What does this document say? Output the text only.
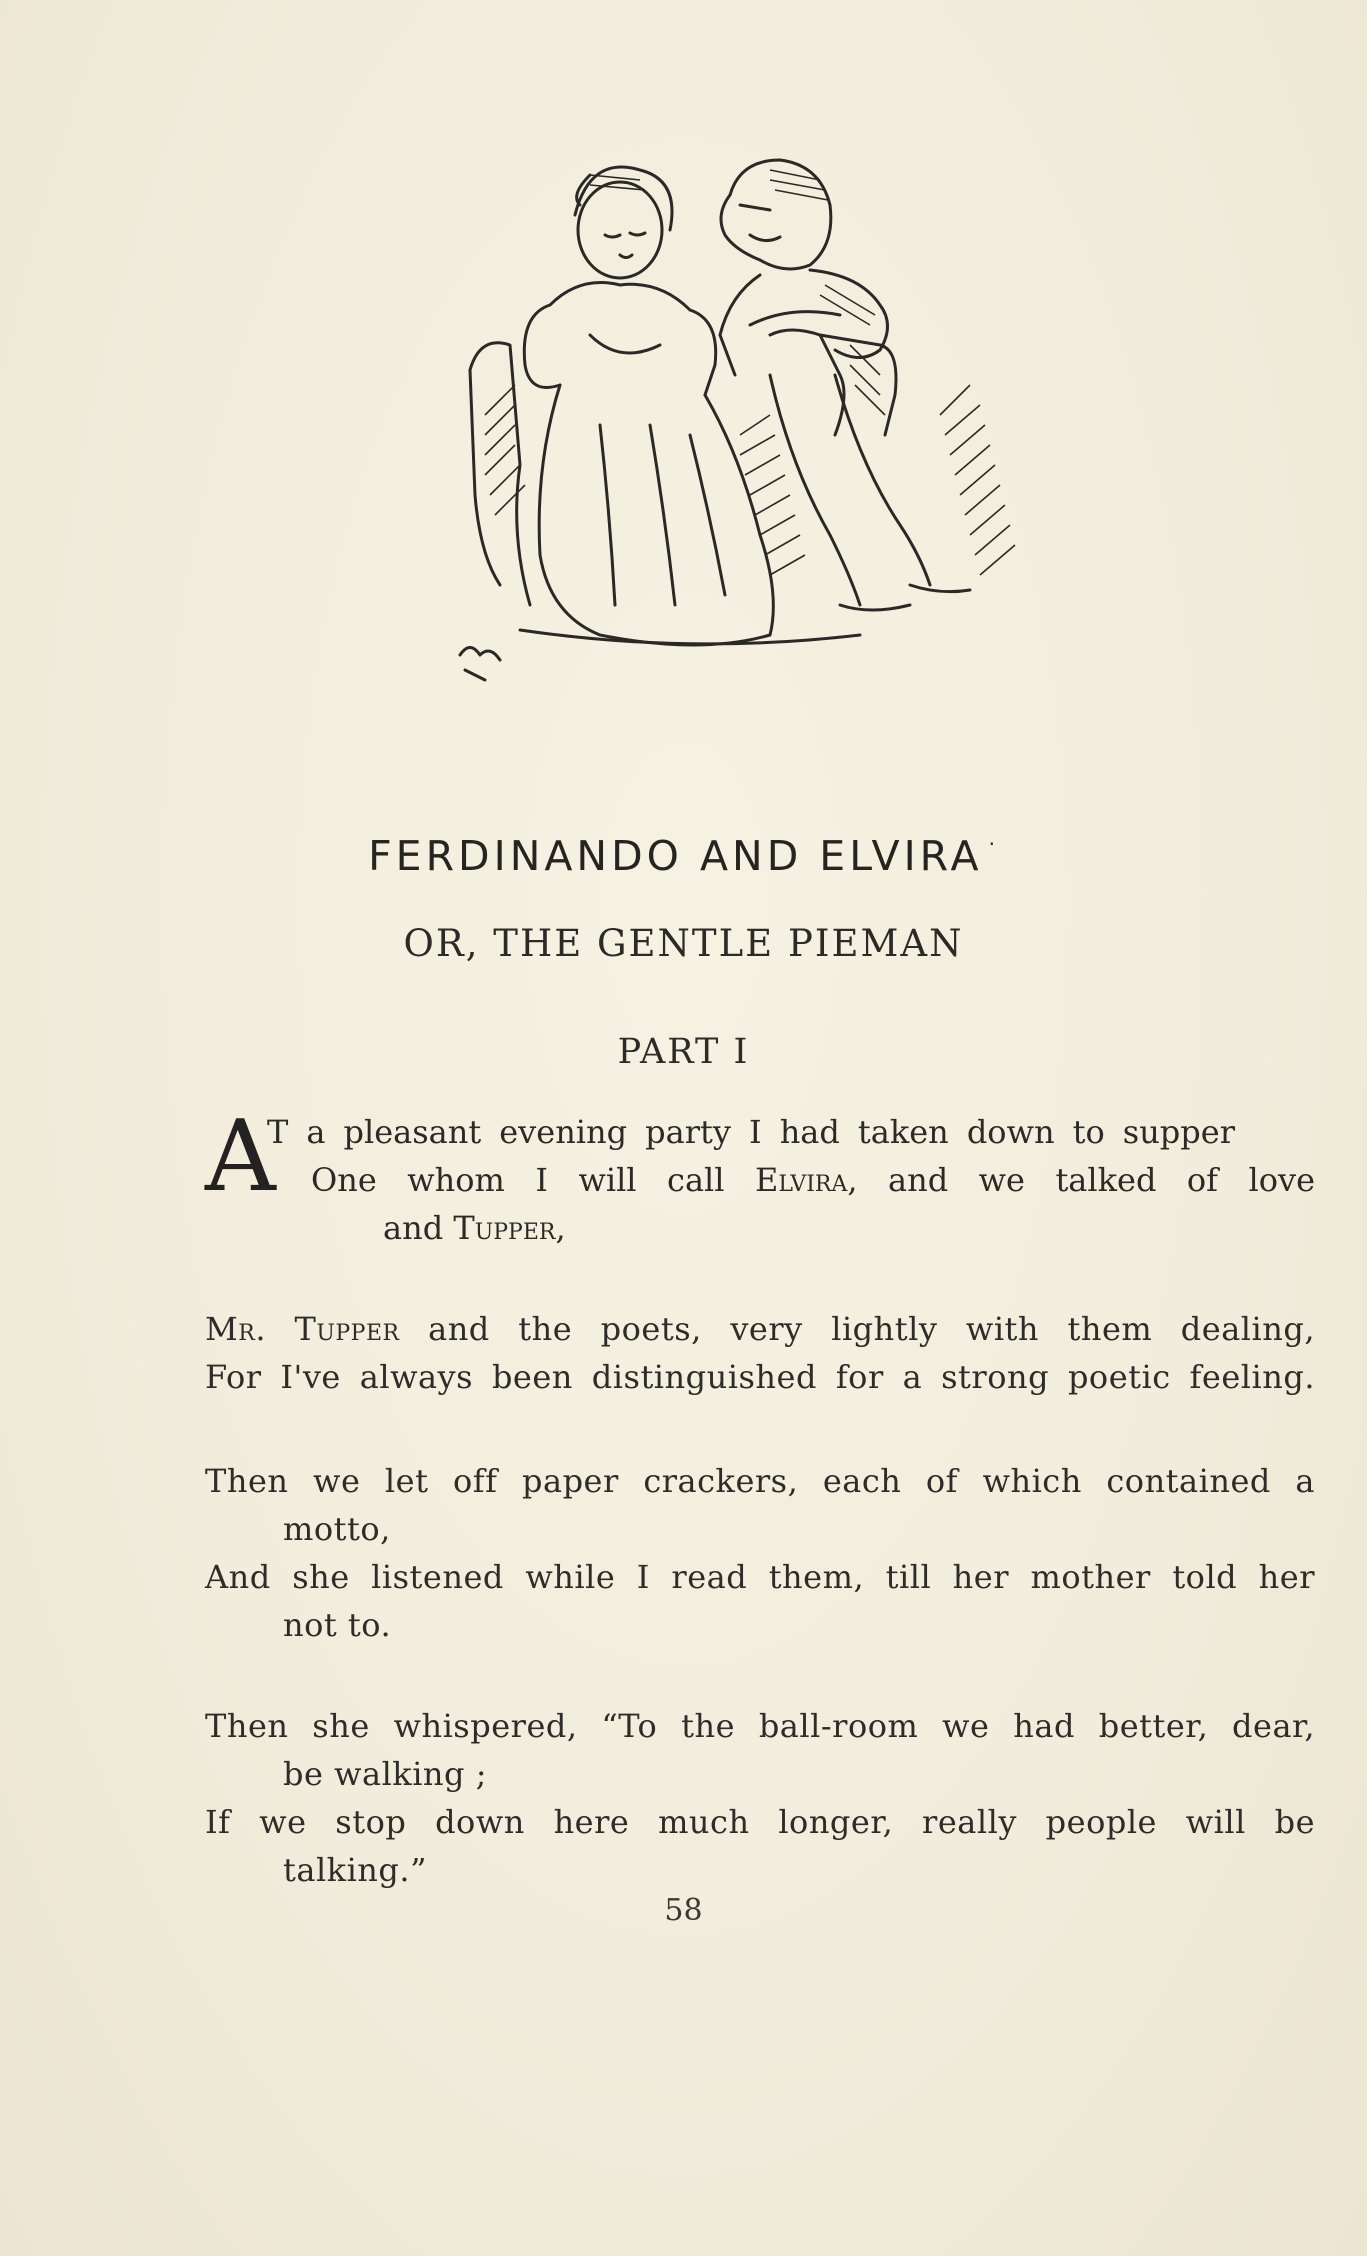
FERDINANDO AND ELVIRA ·
OR, THE GENTLE PIEMAN
PART I
A
T a pleasant evening party I had taken down to supper
One whom I will call Elvira, and we talked of love
and Tupper,
Mr. Tupper and the poets, very lightly with them dealing,
For I've always been distinguished for a strong poetic feeling.
Then we let off paper crackers, each of which contained a
motto,
And she listened while I read them, till her mother told her
not to.
Then she whispered, “To the ball-room we had better, dear,
be walking ;
If we stop down here much longer, really people will be
talking.”
58
